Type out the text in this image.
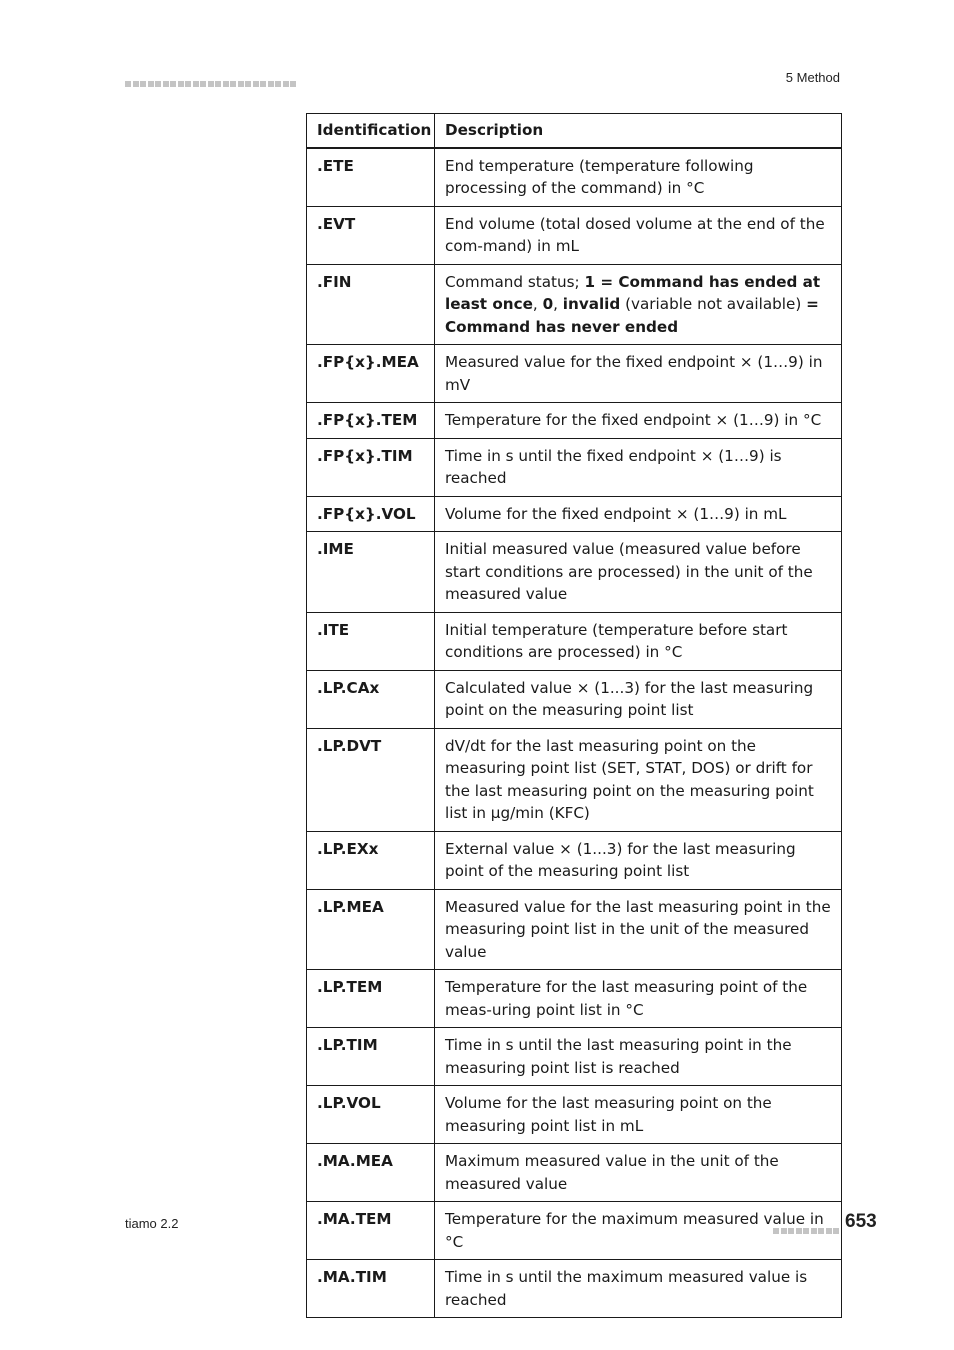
5 Method
Identification	Description
.ETE	End temperature (temperature following processing of the command) in °C
.EVT	End volume (total dosed volume at the end of the com-mand) in mL
.FIN	Command status; 1 = Command has ended at least once, 0, invalid (variable not available) = Command has never ended
.FP{x}.MEA	Measured value for the fixed endpoint × (1…9) in mV
.FP{x}.TEM	Temperature for the fixed endpoint × (1…9) in °C
.FP{x}.TIM	Time in s until the fixed endpoint × (1…9) is reached
.FP{x}.VOL	Volume for the fixed endpoint × (1…9) in mL
.IME	Initial measured value (measured value before start conditions are processed) in the unit of the measured value
.ITE	Initial temperature (temperature before start conditions are processed) in °C
.LP.CAx	Calculated value × (1...3) for the last measuring point on the measuring point list
.LP.DVT	dV/dt for the last measuring point on the measuring point list (SET, STAT, DOS) or drift for the last measuring point on the measuring point list in µg/min (KFC)
.LP.EXx	External value × (1...3) for the last measuring point of the measuring point list
.LP.MEA	Measured value for the last measuring point in the measuring point list in the unit of the measured value
.LP.TEM	Temperature for the last measuring point of the meas-uring point list in °C
.LP.TIM	Time in s until the last measuring point in the measuring point list is reached
.LP.VOL	Volume for the last measuring point on the measuring point list in mL
.MA.MEA	Maximum measured value in the unit of the measured value
.MA.TEM	Temperature for the maximum measured value in °C
.MA.TIM	Time in s until the maximum measured value is reached
tiamo 2.2	653
